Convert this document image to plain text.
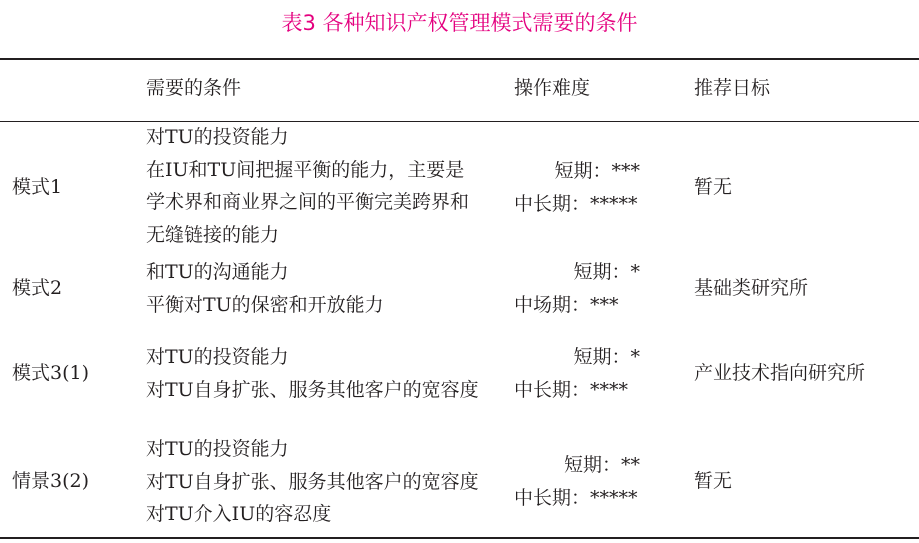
表3 各种知识产权管理模式需要的条件
需要的条件	操作难度	推荐日标
模式1
对TU的投资能力
在IU和TU间把握平衡的能力，主要是
学术界和商业界之间的平衡完美跨界和
无缝链接的能力
短期：***
中长期：*****
暂无
模式2
和TU的沟通能力
平衡对TU的保密和开放能力
短期：*
中场期：***
基础类研究所
模式3(1)
对TU的投资能力
对TU自身扩张、服务其他客户的宽容度
短期：*
中长期：****
产业技术指向研究所
情景3(2)
对TU的投资能力
对TU自身扩张、服务其他客户的宽容度
对TU介入IU的容忍度
短期：**
中长期：*****
暂无
